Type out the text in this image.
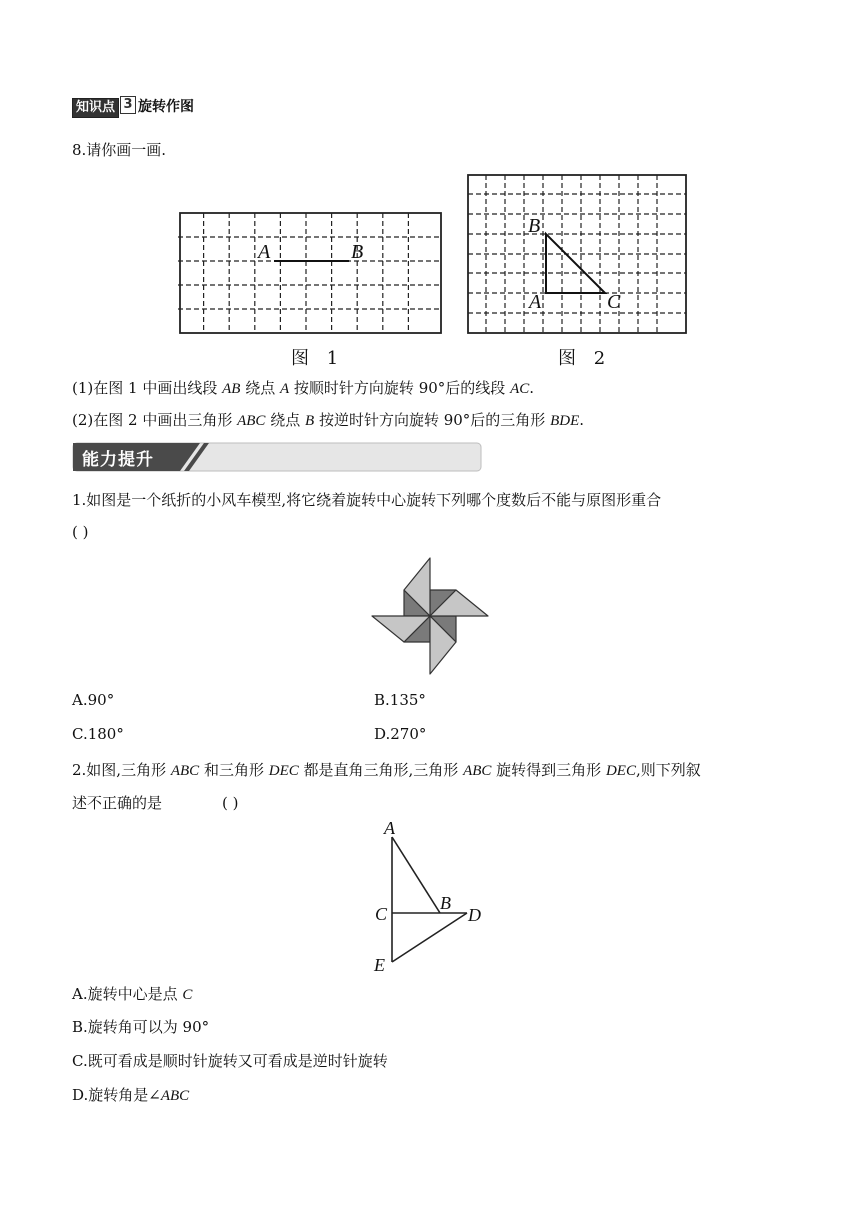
知识点 3 旋转作图
8.请你画一画.
A	B
图 1
B
A	C
图 2
(1)在图 1 中画出线段 AB 绕点 A 按顺时针方向旋转 90°后的线段 AC.
(2)在图 2 中画出三角形 ABC 绕点 B 按逆时针方向旋转 90°后的三角形 BDE.
能力提升
1.如图是一个纸折的小风车模型,将它绕着旋转中心旋转下列哪个度数后不能与原图形重合
( )
A.90°	B.135°
C.180°	D.270°
2.如图,三角形 ABC 和三角形 DEC 都是直角三角形,三角形 ABC 旋转得到三角形 DEC,则下列叙
述不正确的是	( )
A
C
B
D
E
A.旋转中心是点 C
B.旋转角可以为 90°
C.既可看成是顺时针旋转又可看成是逆时针旋转
D.旋转角是∠ABC
